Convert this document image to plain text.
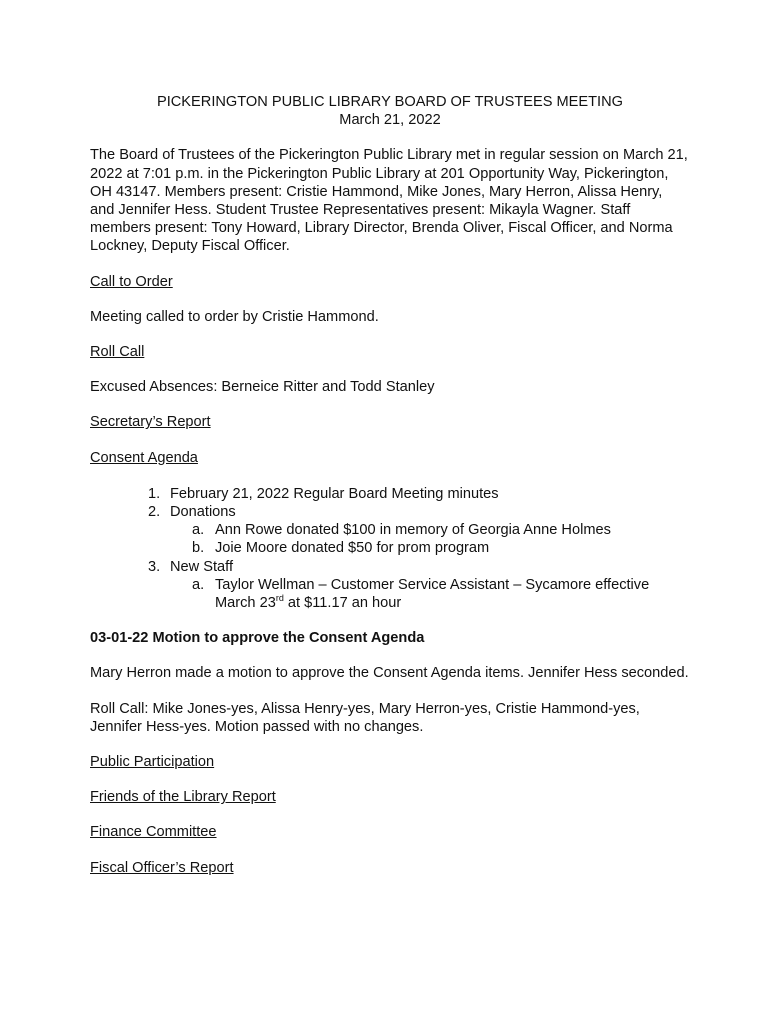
PICKERINGTON PUBLIC LIBRARY BOARD OF TRUSTEES MEETING
March 21, 2022

The Board of Trustees of the Pickerington Public Library met in regular session on March 21, 2022 at 7:01 p.m. in the Pickerington Public Library at 201 Opportunity Way, Pickerington, OH 43147. Members present: Cristie Hammond, Mike Jones, Mary Herron, Alissa Henry, and Jennifer Hess. Student Trustee Representatives present: Mikayla Wagner. Staff members present: Tony Howard, Library Director, Brenda Oliver, Fiscal Officer, and Norma Lockney, Deputy Fiscal Officer.

Call to Order

Meeting called to order by Cristie Hammond.

Roll Call

Excused Absences: Berneice Ritter and Todd Stanley

Secretary’s Report

Consent Agenda

1. February 21, 2022 Regular Board Meeting minutes
2. Donations
a. Ann Rowe donated $100 in memory of Georgia Anne Holmes
b. Joie Moore donated $50 for prom program
3. New Staff
a. Taylor Wellman – Customer Service Assistant – Sycamore effective March 23rd at $11.17 an hour

03-01-22 Motion to approve the Consent Agenda

Mary Herron made a motion to approve the Consent Agenda items. Jennifer Hess seconded.

Roll Call: Mike Jones-yes, Alissa Henry-yes, Mary Herron-yes, Cristie Hammond-yes, Jennifer Hess-yes. Motion passed with no changes.

Public Participation

Friends of the Library Report

Finance Committee

Fiscal Officer’s Report
